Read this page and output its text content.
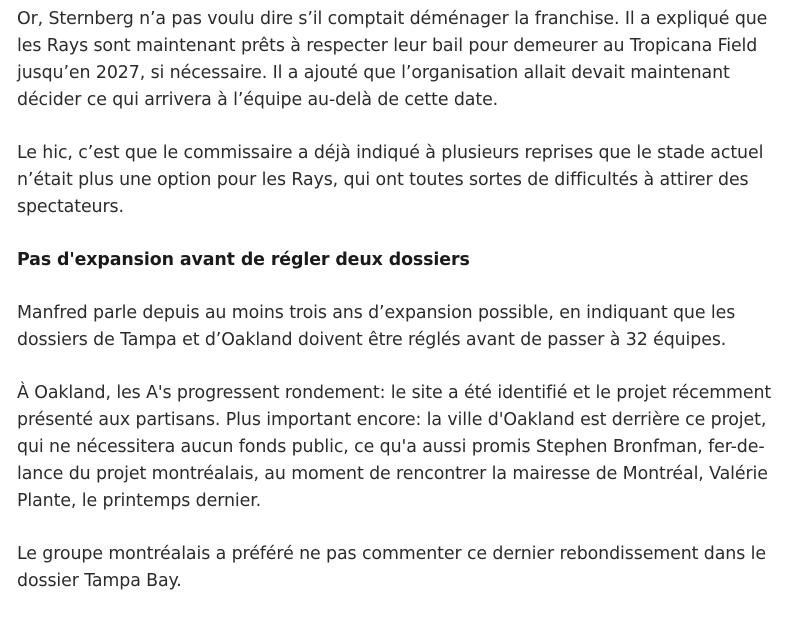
Or, Sternberg n’a pas voulu dire s’il comptait déménager la franchise. Il a expliqué que les Rays sont maintenant prêts à respecter leur bail pour demeurer au Tropicana Field jusqu’en 2027, si nécessaire. Il a ajouté que l’organisation allait devait maintenant décider ce qui arrivera à l’équipe au-delà de cette date.

Le hic, c’est que le commissaire a déjà indiqué à plusieurs reprises que le stade actuel n’était plus une option pour les Rays, qui ont toutes sortes de difficultés à attirer des spectateurs.

Pas d'expansion avant de régler deux dossiers

Manfred parle depuis au moins trois ans d’expansion possible, en indiquant que les dossiers de Tampa et d’Oakland doivent être réglés avant de passer à 32 équipes.

À Oakland, les A's progressent rondement: le site a été identifié et le projet récemment présenté aux partisans. Plus important encore: la ville d'Oakland est derrière ce projet, qui ne nécessitera aucun fonds public, ce qu'a aussi promis Stephen Bronfman, fer-de-lance du projet montréalais, au moment de rencontrer la mairesse de Montréal, Valérie Plante, le printemps dernier.

Le groupe montréalais a préféré ne pas commenter ce dernier rebondissement dans le dossier Tampa Bay.
